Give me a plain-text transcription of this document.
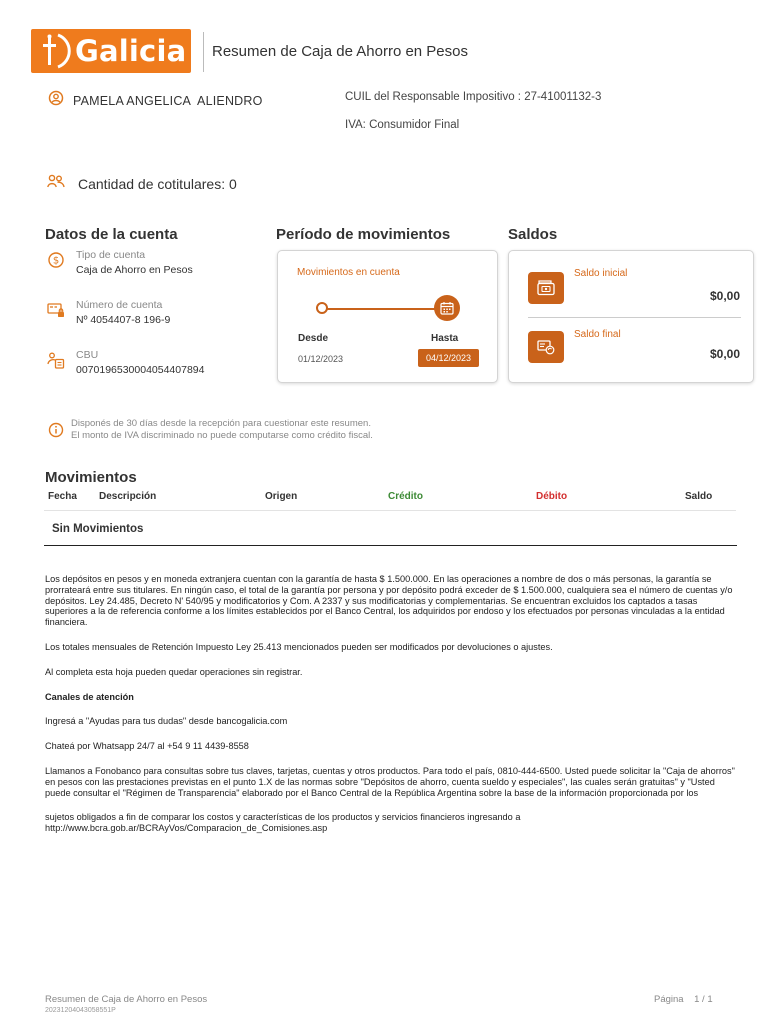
Galicia Resumen de Caja de Ahorro en Pesos
PAMELA ANGELICA  ALIENDRO	CUIL del Responsable Impositivo : 27-41001132-3
IVA: Consumidor Final
Cantidad de cotitulares: 0
Datos de la cuenta	Período de movimientos	Saldos
$
Tipo de cuenta
Caja de Ahorro en Pesos
Número de cuenta
Nº 4054407-8 196-9
CBU
0070196530004054407894
Movimientos en cuenta
Desde	Hasta
01/12/2023	04/12/2023
Saldo inicial
$0,00
Saldo final
$0,00
Disponés de 30 días desde la recepción para cuestionar este resumen.
El monto de IVA discriminado no puede computarse como crédito fiscal.
Movimientos
Fecha Descripción	Origen	Crédito	Débito	Saldo
Sin Movimientos

Los depósitos en pesos y en moneda extranjera cuentan con la garantía de hasta $ 1.500.000. En las operaciones a nombre de dos o más personas, la garantía se prorrateará entre sus titulares. En ningún caso, el total de la garantía por persona y por depósito podrá exceder de $ 1.500.000, cualquiera sea el número de cuentas y/o depósitos. Ley 24.485, Decreto N' 540/95 y modificatorios y Com. A 2337 y sus modificatorias y complementarias. Se encuentran excluidos los captados a tasas superiores a la de referencia conforme a los límites establecidos por el Banco Central, los adquiridos por endoso y los efectuados por personas vinculadas a la entidad financiera.

Los totales mensuales de Retención Impuesto Ley 25.413 mencionados pueden ser modificados por devoluciones o ajustes.

Al completa esta hoja pueden quedar operaciones sin registrar.

Canales de atención

Ingresá a "Ayudas para tus dudas" desde bancogalicia.com

Chateá por Whatsapp 24/7 al +54 9 11 4439-8558

Llamanos a Fonobanco para consultas sobre tus claves, tarjetas, cuentas y otros productos. Para todo el país, 0810-444-6500. Usted puede solicitar la "Caja de ahorros" en pesos con las prestaciones previstas en el punto 1.X de las normas sobre "Depósitos de ahorro, cuenta sueldo y especiales", las cuales serán gratuitas" y "Usted puede consultar el "Régimen de Transparencia" elaborado por el Banco Central de la República Argentina sobre la base de la información proporcionada por los

sujetos obligados a fin de comparar los costos y características de los productos y servicios financieros ingresando a http://www.bcra.gob.ar/BCRAyVos/Comparacion_de_Comisiones.asp

Resumen de Caja de Ahorro en Pesos
20231204043058551P
Página    1 / 1
